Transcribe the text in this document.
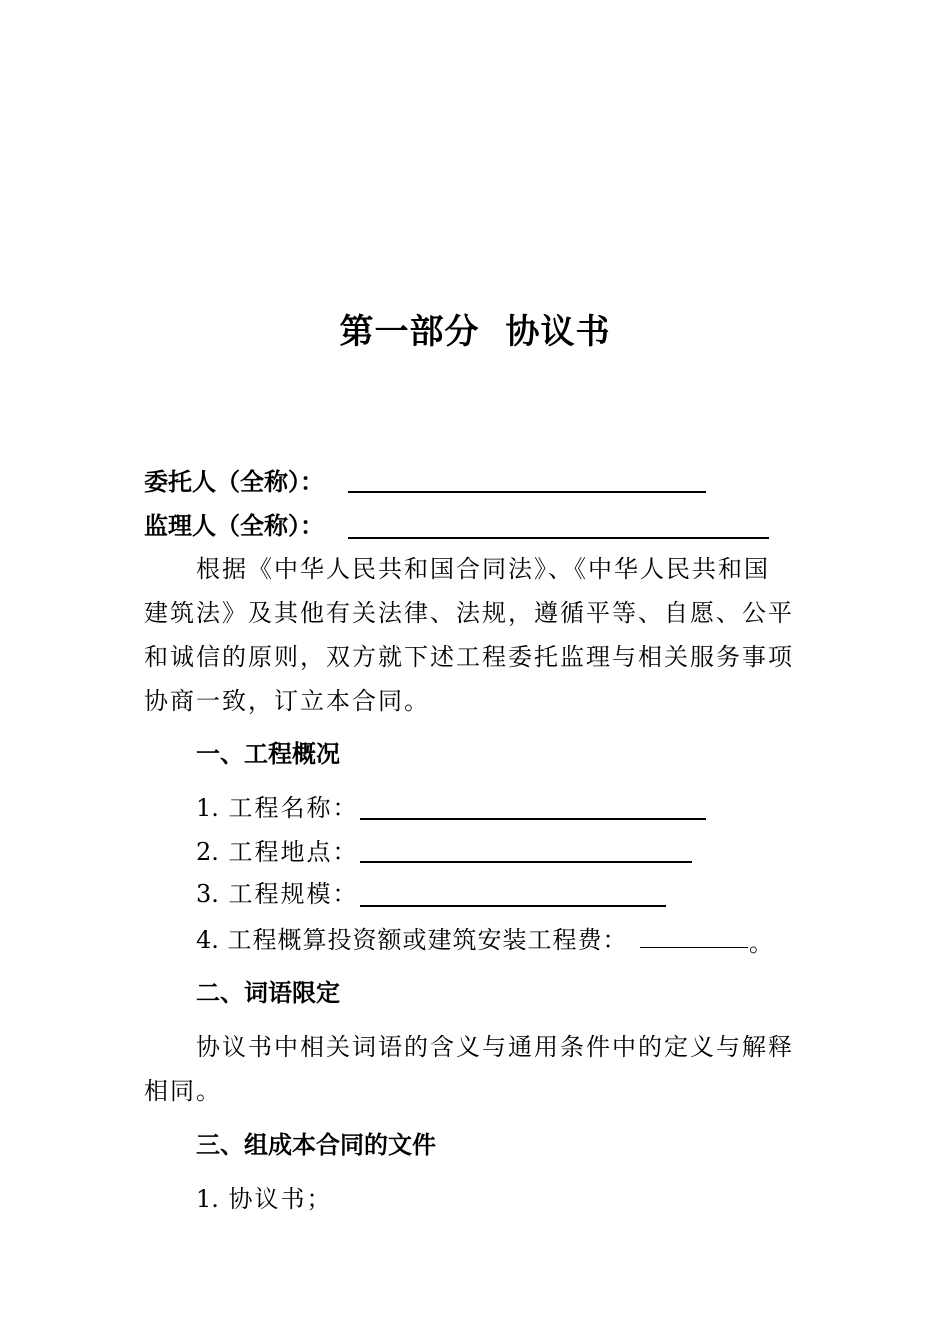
第一部分 协议书
委托人（全称）：
监理人（全称）：
根据《中华人民共和国合同法》、《中华人民共和国
建筑法》及其他有关法律、法规，遵循平等、自愿、公平
和诚信的原则，双方就下述工程委托监理与相关服务事项
协商一致，订立本合同。
一、工程概况
1. 工程名称：
2. 工程地点：
3. 工程规模：
4. 工程概算投资额或建筑安装工程费：	。
二、词语限定
协议书中相关词语的含义与通用条件中的定义与解释
相同。
三、组成本合同的文件
1. 协议书；
